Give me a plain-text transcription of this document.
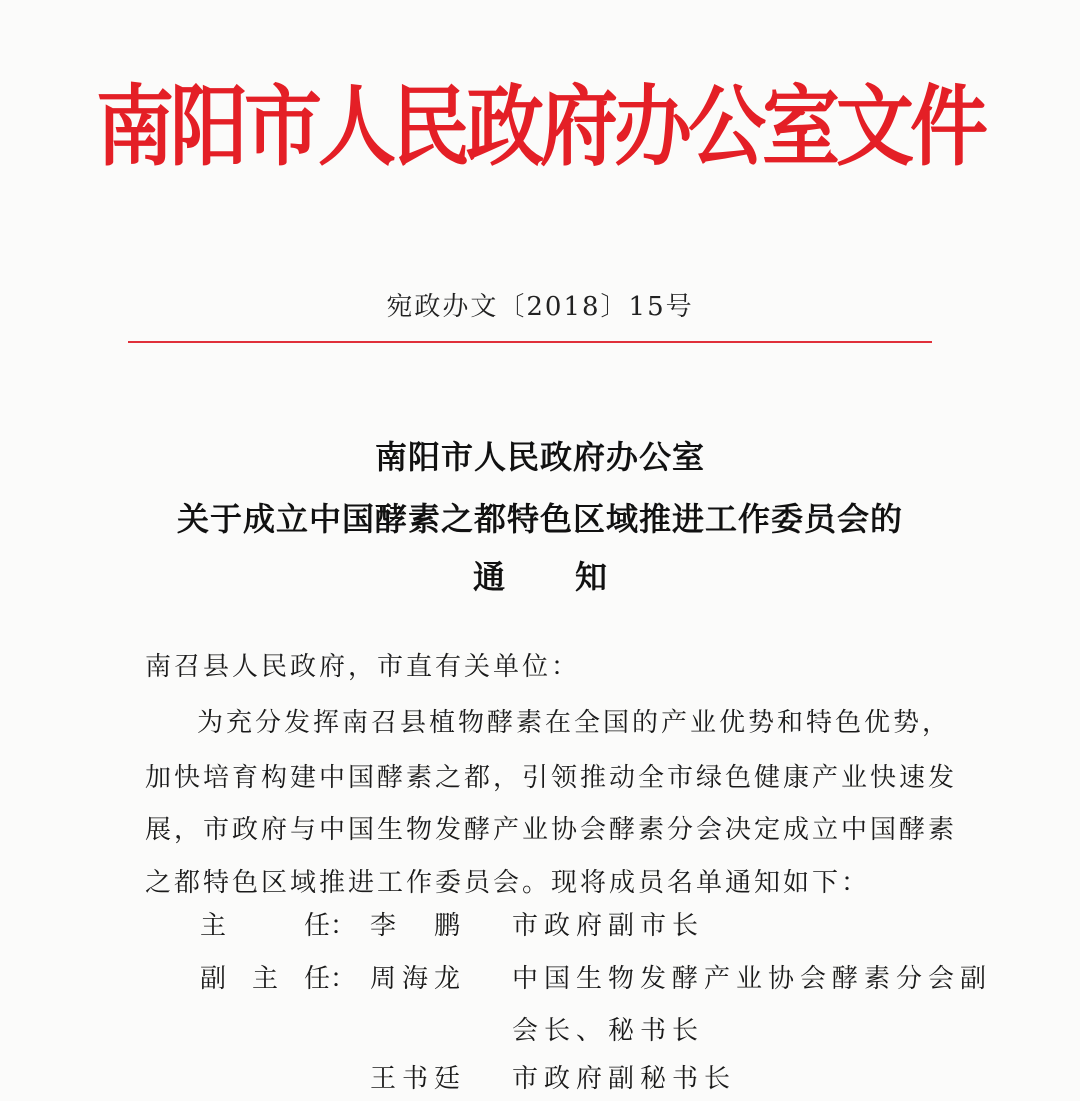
南阳市人民政府办公室文件
宛政办文〔2018〕15号
南阳市人民政府办公室
关于成立中国酵素之都特色区域推进工作委员会的
通知
南召县人民政府，市直有关单位：
为充分发挥南召县植物酵素在全国的产业优势和特色优势，
加快培育构建中国酵素之都，引领推动全市绿色健康产业快速发
展，市政府与中国生物发酵产业协会酵素分会决定成立中国酵素
之都特色区域推进工作委员会。现将成员名单通知如下：
主　　　任： 李　鹏 市政府副市长
副　主　任： 周海龙 中国生物发酵产业协会酵素分会副
会长、秘书长
王书廷 市政府副秘书长
